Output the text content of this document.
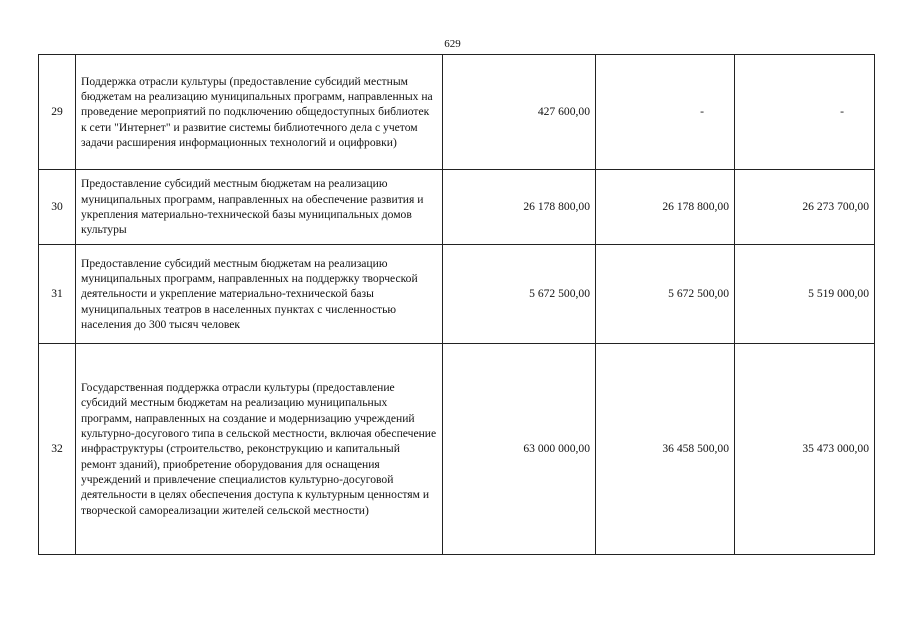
629
29	Поддержка отрасли культуры (предоставление субсидий местным бюджетам на реализацию муниципальных программ, направленных на проведение мероприятий по подключению общедоступных библиотек к сети "Интернет" и развитие системы библиотечного дела с учетом задачи расширения информационных технологий и оцифровки)	427 600,00	-	-
30	Предоставление субсидий местным бюджетам на реализацию муниципальных программ, направленных на обеспечение развития и укрепления материально-технической базы муниципальных домов культуры	26 178 800,00	26 178 800,00	26 273 700,00
31	Предоставление субсидий местным бюджетам на реализацию муниципальных программ, направленных на поддержку творческой деятельности и укрепление материально-технической базы муниципальных театров в населенных пунктах с численностью населения до 300 тысяч человек	5 672 500,00	5 672 500,00	5 519 000,00
32	Государственная поддержка отрасли культуры (предоставление субсидий местным бюджетам на реализацию муниципальных программ, направленных на создание и модернизацию учреждений культурно-досугового типа в сельской местности, включая обеспечение инфраструктуры (строительство, реконструкцию и капитальный ремонт зданий), приобретение оборудования для оснащения учреждений и привлечение специалистов культурно-досуговой деятельности в целях обеспечения доступа к культурным ценностям и творческой самореализации жителей сельской местности)	63 000 000,00	36 458 500,00	35 473 000,00
